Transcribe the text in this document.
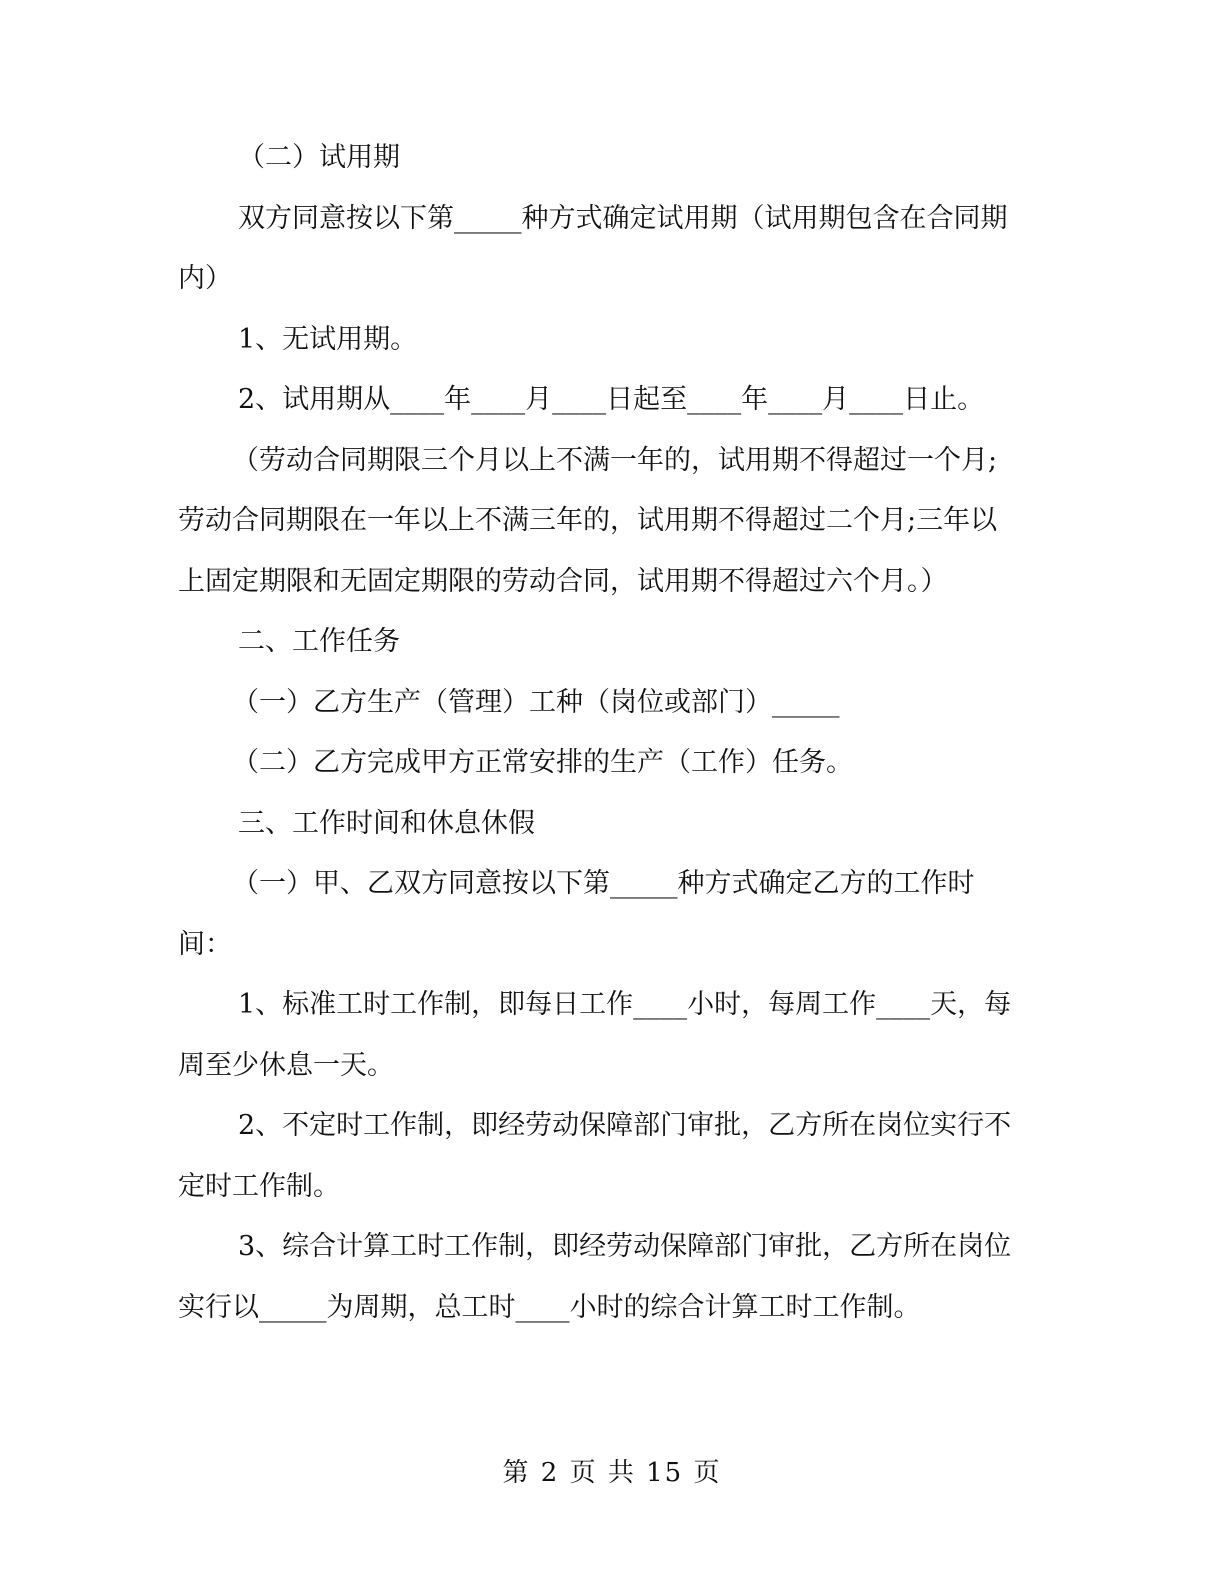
（二）试用期
双方同意按以下第_____种方式确定试用期（试用期包含在合同期
内）
1、无试用期。
2、试用期从____年____月____日起至____年____月____日止。
（劳动合同期限三个月以上不满一年的，试用期不得超过一个月;
劳动合同期限在一年以上不满三年的，试用期不得超过二个月;三年以
上固定期限和无固定期限的劳动合同，试用期不得超过六个月。）
二、工作任务
（一）乙方生产（管理）工种（岗位或部门）_____
（二）乙方完成甲方正常安排的生产（工作）任务。
三、工作时间和休息休假
（一）甲、乙双方同意按以下第_____种方式确定乙方的工作时
间：
1、标准工时工作制，即每日工作____小时，每周工作____天，每
周至少休息一天。
2、不定时工作制，即经劳动保障部门审批，乙方所在岗位实行不
定时工作制。
3、综合计算工时工作制，即经劳动保障部门审批，乙方所在岗位
实行以_____为周期，总工时____小时的综合计算工时工作制。
第 2 页 共 15 页
